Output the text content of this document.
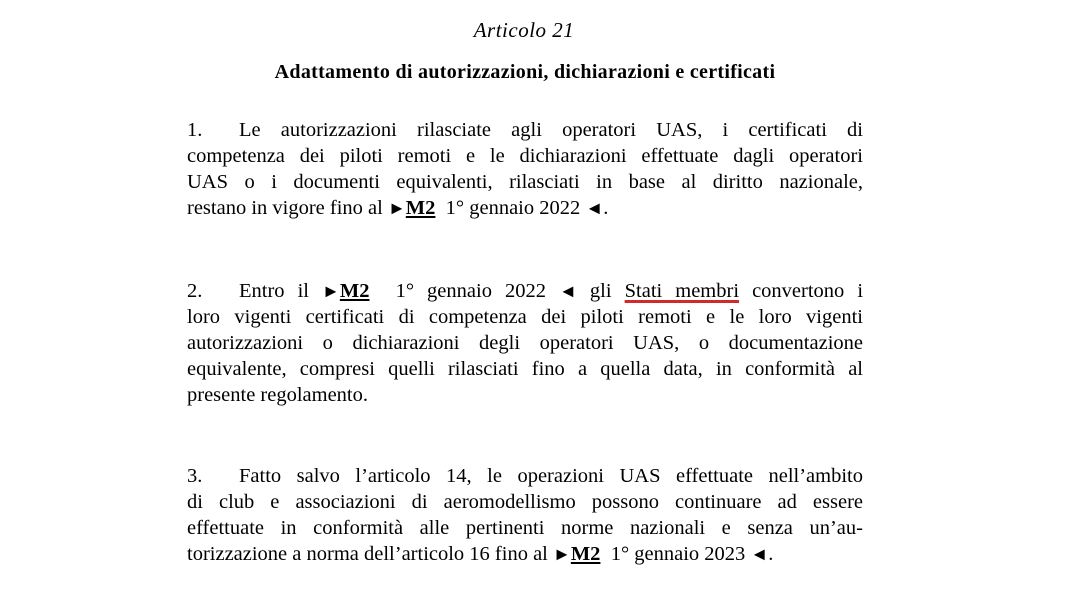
Articolo 21
Adattamento di autorizzazioni, dichiarazioni e certificati
1. Le autorizzazioni rilasciate agli operatori UAS, i certificati di
competenza dei piloti remoti e le dichiarazioni effettuate dagli operatori
UAS o i documenti equivalenti, rilasciati in base al diritto nazionale,
restano in vigore fino al ►M2 1° gennaio 2022 ◄.
2. Entro il ►M2 1° gennaio 2022 ◄ gli Stati membri convertono i
loro vigenti certificati di competenza dei piloti remoti e le loro vigenti
autorizzazioni o dichiarazioni degli operatori UAS, o documentazione
equivalente, compresi quelli rilasciati fino a quella data, in conformità al
presente regolamento.
3. Fatto salvo l’articolo 14, le operazioni UAS effettuate nell’ambito
di club e associazioni di aeromodellismo possono continuare ad essere
effettuate in conformità alle pertinenti norme nazionali e senza un’au-
torizzazione a norma dell’articolo 16 fino al ►M2 1° gennaio 2023 ◄.
